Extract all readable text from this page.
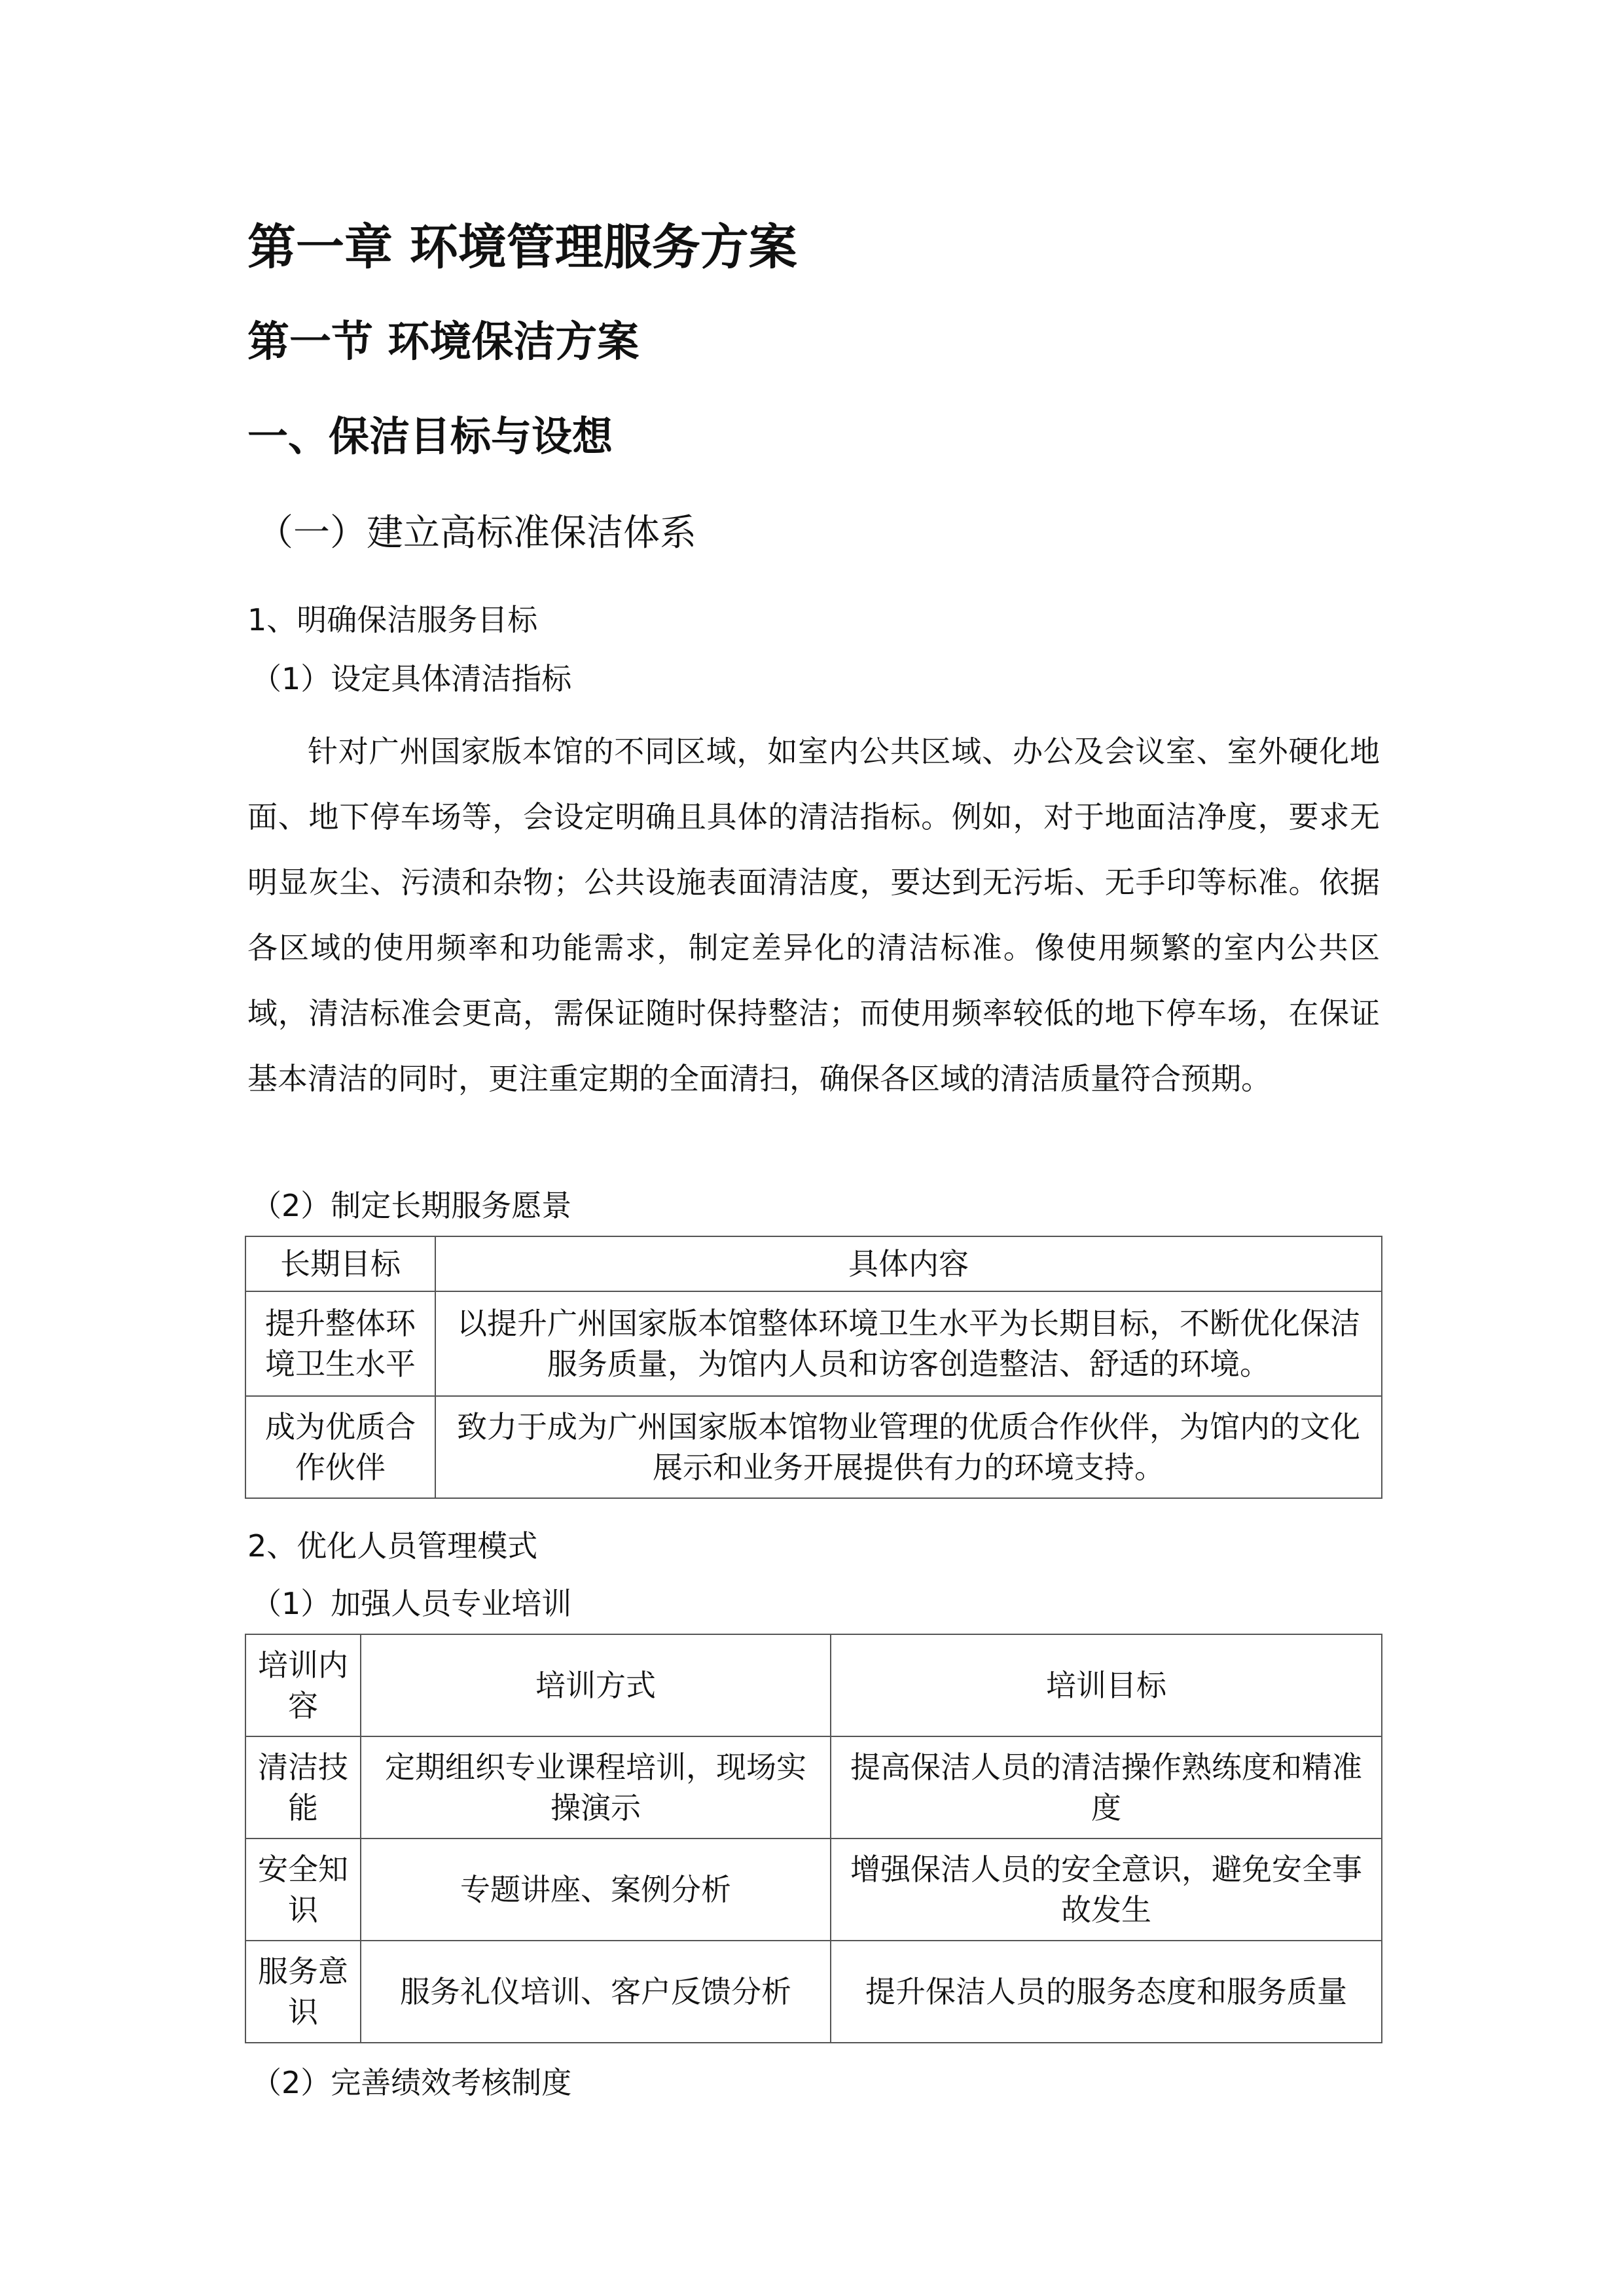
第一章 环境管理服务方案
第一节 环境保洁方案
一、保洁目标与设想
（一）建立高标准保洁体系
1、明确保洁服务目标
（1）设定具体清洁指标

针对广州国家版本馆的不同区域，如室内公共区域、办公及会议室、室外硬化地面、地下停车场等，会设定明确且具体的清洁指标。例如，对于地面洁净度，要求无明显灰尘、污渍和杂物；公共设施表面清洁度，要达到无污垢、无手印等标准。依据各区域的使用频率和功能需求，制定差异化的清洁标准。像使用频繁的室内公共区域，清洁标准会更高，需保证随时保持整洁；而使用频率较低的地下停车场，在保证基本清洁的同时，更注重定期的全面清扫，确保各区域的清洁质量符合预期。

（2）制定长期服务愿景
长期目标	具体内容
提升整体环境卫生水平	以提升广州国家版本馆整体环境卫生水平为长期目标，不断优化保洁服务质量，为馆内人员和访客创造整洁、舒适的环境。
成为优质合作伙伴	致力于成为广州国家版本馆物业管理的优质合作伙伴，为馆内的文化展示和业务开展提供有力的环境支持。
2、优化人员管理模式
（1）加强人员专业培训
培训内容	培训方式	培训目标
清洁技能	定期组织专业课程培训，现场实操演示	提高保洁人员的清洁操作熟练度和精准度
安全知识	专题讲座、案例分析	增强保洁人员的安全意识，避免安全事故发生
服务意识	服务礼仪培训、客户反馈分析	提升保洁人员的服务态度和服务质量
（2）完善绩效考核制度
